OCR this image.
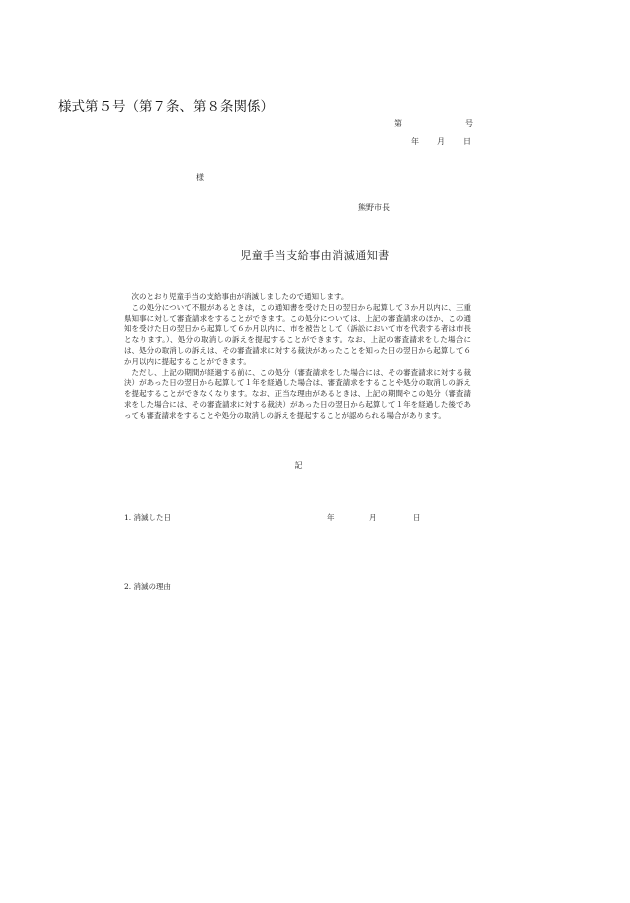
様式第５号（第７条、第８条関係）
第	号
年 月 日
様
熊野市長
児童手当支給事由消滅通知書

次のとおり児童手当の支給事由が消滅しましたので通知します。

この処分について不服があるときは，この通知書を受けた日の翌日から起算して３か月以内に、三重県知事に対して審査請求をすることができます。この処分については、上記の審査請求のほか、この通知を受けた日の翌日から起算して６か月以内に、市を被告として（訴訟において市を代表する者は市長となります。）、処分の取消しの訴えを提起することができます。なお、上記の審査請求をした場合には、処分の取消しの訴えは、その審査請求に対する裁決があったことを知った日の翌日から起算して６か月以内に提起することができます。

ただし、上記の期間が経過する前に、この処分（審査請求をした場合には、その審査請求に対する裁決）があった日の翌日から起算して１年を経過した場合は、審査請求をすることや処分の取消しの訴えを提起することができなくなります。なお、正当な理由があるときは、上記の期間やこの処分（審査請求をした場合には、その審査請求に対する裁決）があった日の翌日から起算して１年を経過した後であっても審査請求をすることや処分の取消しの訴えを提起することが認められる場合があります。

記
1. 消滅した日	年	月	日
2. 消滅の理由
